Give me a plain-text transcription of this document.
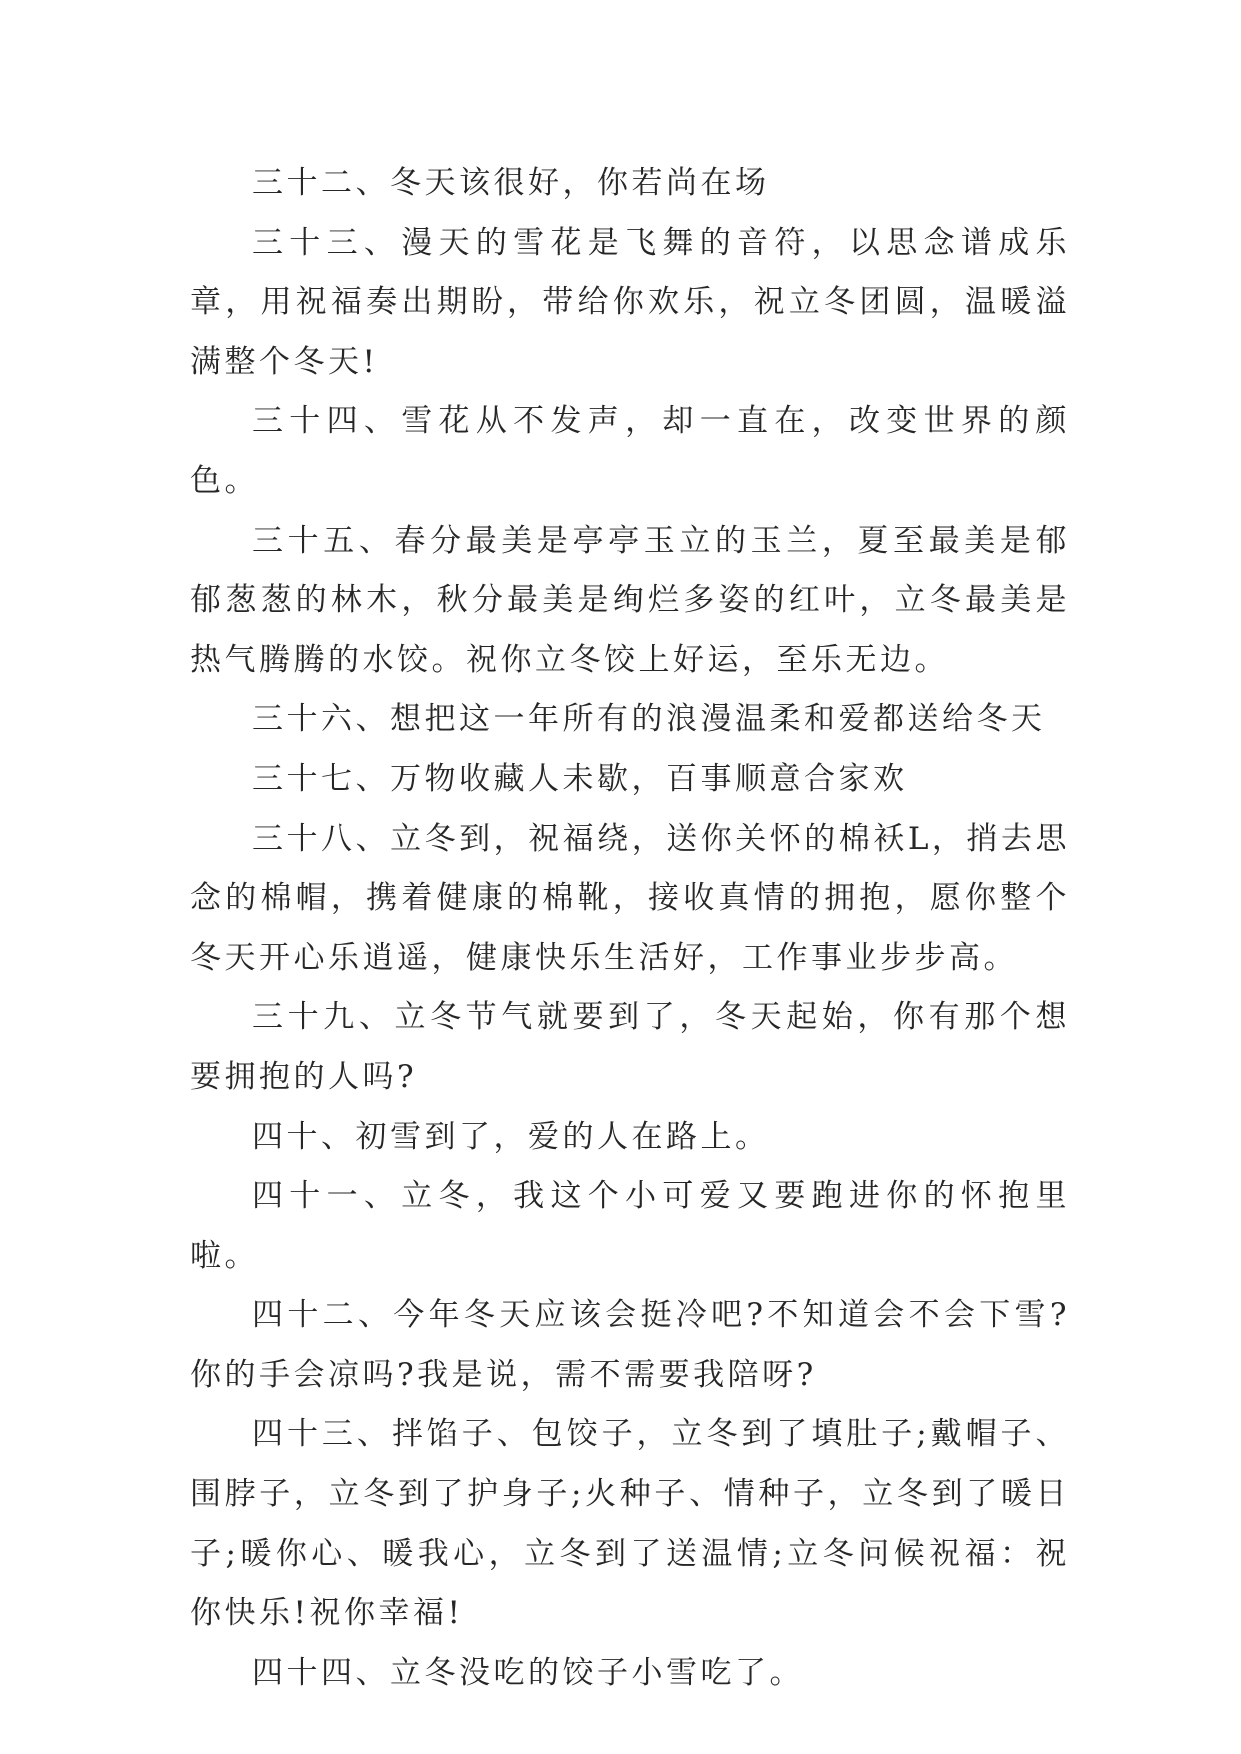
三十二、冬天该很好，你若尚在场

三十三、漫天的雪花是飞舞的音符，以思念谱成乐章，用祝福奏出期盼，带给你欢乐，祝立冬团圆，温暖溢满整个冬天!

三十四、雪花从不发声，却一直在，改变世界的颜色。

三十五、春分最美是亭亭玉立的玉兰，夏至最美是郁郁葱葱的林木，秋分最美是绚烂多姿的红叶，立冬最美是热气腾腾的水饺。祝你立冬饺上好运，至乐无边。

三十六、想把这一年所有的浪漫温柔和爱都送给冬天

三十七、万物收藏人未歇，百事顺意合家欢

三十八、立冬到，祝福绕，送你关怀的棉袄L，捎去思念的棉帽，携着健康的棉靴，接收真情的拥抱，愿你整个冬天开心乐逍遥，健康快乐生活好，工作事业步步高。

三十九、立冬节气就要到了，冬天起始，你有那个想要拥抱的人吗?

四十、初雪到了，爱的人在路上。

四十一、立冬，我这个小可爱又要跑进你的怀抱里啦。

四十二、今年冬天应该会挺冷吧?不知道会不会下雪?你的手会凉吗?我是说，需不需要我陪呀?

四十三、拌馅子、包饺子，立冬到了填肚子;戴帽子、围脖子，立冬到了护身子;火种子、情种子，立冬到了暖日子;暖你心、暖我心，立冬到了送温情;立冬问候祝福：祝你快乐!祝你幸福!

四十四、立冬没吃的饺子小雪吃了。
